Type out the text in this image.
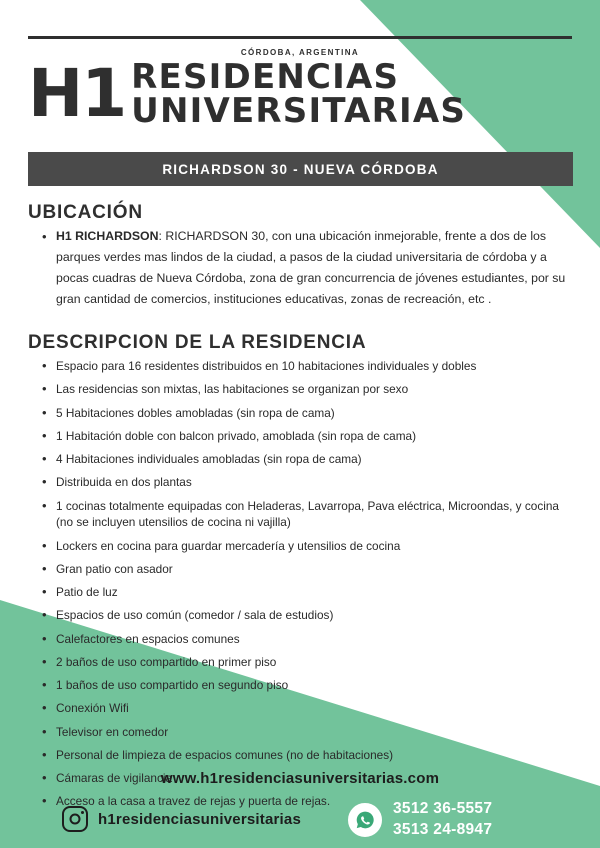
CÓRDOBA, ARGENTINA
H1 RESIDENCIAS
UNIVERSITARIAS
RICHARDSON 30 - NUEVA CÓRDOBA
UBICACIÓN
• H1 RICHARDSON: RICHARDSON 30, con una ubicación inmejorable, frente a dos de los parques verdes mas lindos de la ciudad, a pasos de la ciudad universitaria de córdoba y a pocas cuadras de Nueva Córdoba, zona de gran concurrencia de jóvenes estudiantes, por su gran cantidad de comercios, instituciones educativas, zonas de recreación, etc .
DESCRIPCION DE LA RESIDENCIA
• Espacio para 16 residentes distribuidos en 10 habitaciones individuales y dobles
• Las residencias son mixtas, las habitaciones se organizan por sexo
• 5 Habitaciones dobles amobladas (sin ropa de cama)
• 1 Habitación doble con balcon privado, amoblada (sin ropa de cama)
• 4 Habitaciones individuales amobladas (sin ropa de cama)
• Distribuida en dos plantas
• 1 cocinas totalmente equipadas con Heladeras, Lavarropa, Pava eléctrica, Microondas, y cocina (no se incluyen utensilios de cocina ni vajilla)
• Lockers en cocina para guardar mercadería y utensilios de cocina
• Gran patio con asador
• Patio de luz
• Espacios de uso común (comedor / sala de estudios)
• Calefactores en espacios comunes
• 2 baños de uso compartido en primer piso
• 1 baños de uso compartido en segundo piso
• Conexión Wifi
• Televisor en comedor
• Personal de limpieza de espacios comunes (no de habitaciones)
• Cámaras de vigilancia
• Acceso a la casa a travez de rejas y puerta de rejas.
www.h1residenciasuniversitarias.com
h1residenciasuniversitarias
3512 36-5557
3513 24-8947
